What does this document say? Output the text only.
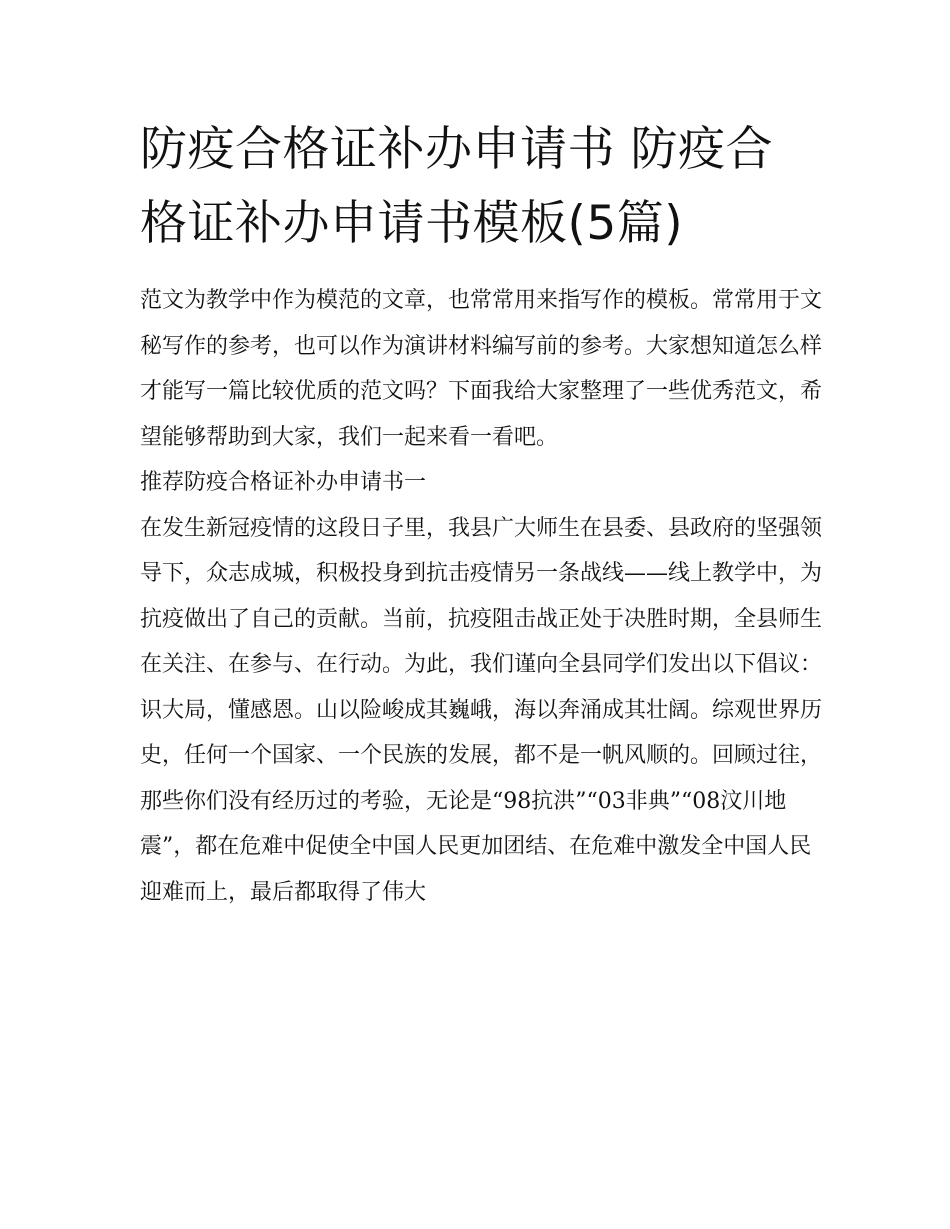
防疫合格证补办申请书 防疫合格证补办申请书模板(5篇)

范文为教学中作为模范的文章，也常常用来指写作的模板。常常用于文秘写作的参考，也可以作为演讲材料编写前的参考。大家想知道怎么样才能写一篇比较优质的范文吗？下面我给大家整理了一些优秀范文，希望能够帮助到大家，我们一起来看一看吧。

推荐防疫合格证补办申请书一

在发生新冠疫情的这段日子里，我县广大师生在县委、县政府的坚强领导下，众志成城，积极投身到抗击疫情另一条战线——线上教学中，为抗疫做出了自己的贡献。当前，抗疫阻击战正处于决胜时期，全县师生在关注、在参与、在行动。为此，我们谨向全县同学们发出以下倡议：

识大局，懂感恩。山以险峻成其巍峨，海以奔涌成其壮阔。综观世界历史，任何一个国家、一个民族的发展，都不是一帆风顺的。回顾过往，那些你们没有经历过的考验，无论是“98抗洪”“03非典”“08汶川地震”，都在危难中促使全中国人民更加团结、在危难中激发全中国人民迎难而上，最后都取得了伟大
